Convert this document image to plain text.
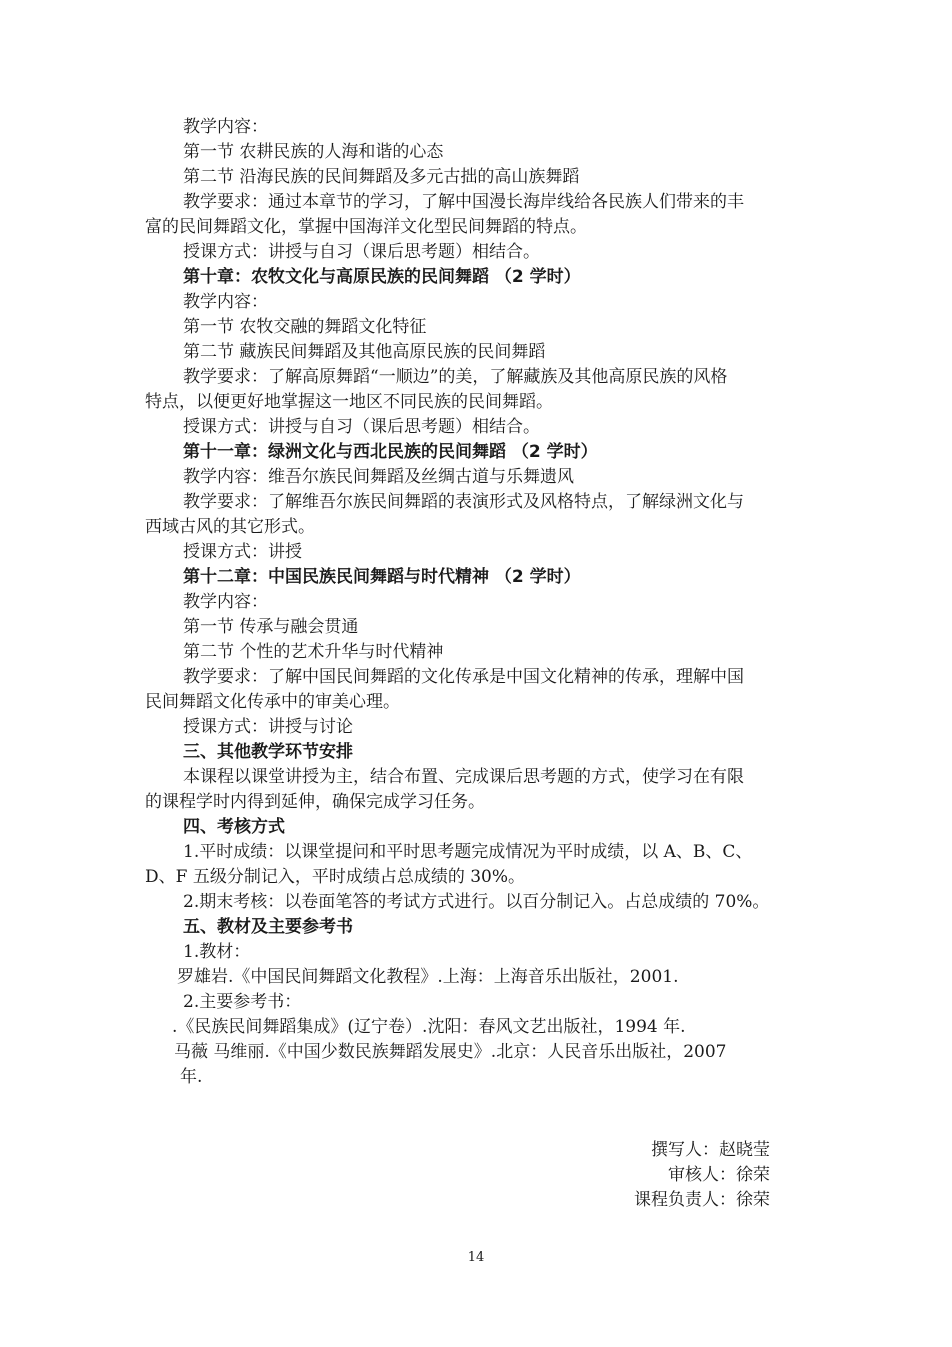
教学内容：
第一节 农耕民族的人海和谐的心态
第二节 沿海民族的民间舞蹈及多元古拙的高山族舞蹈
教学要求：通过本章节的学习，了解中国漫长海岸线给各民族人们带来的丰
富的民间舞蹈文化，掌握中国海洋文化型民间舞蹈的特点。
授课方式：讲授与自习（课后思考题）相结合。
第十章：农牧文化与高原民族的民间舞蹈 （2 学时）
教学内容：
第一节 农牧交融的舞蹈文化特征
第二节 藏族民间舞蹈及其他高原民族的民间舞蹈
教学要求：了解高原舞蹈“一顺边”的美，了解藏族及其他高原民族的风格
特点，以便更好地掌握这一地区不同民族的民间舞蹈。
授课方式：讲授与自习（课后思考题）相结合。
第十一章：绿洲文化与西北民族的民间舞蹈 （2 学时）
教学内容：维吾尔族民间舞蹈及丝绸古道与乐舞遗风
教学要求：了解维吾尔族民间舞蹈的表演形式及风格特点，了解绿洲文化与
西域古风的其它形式。
授课方式：讲授
第十二章：中国民族民间舞蹈与时代精神 （2 学时）
教学内容：
第一节 传承与融会贯通
第二节 个性的艺术升华与时代精神
教学要求：了解中国民间舞蹈的文化传承是中国文化精神的传承，理解中国
民间舞蹈文化传承中的审美心理。
授课方式：讲授与讨论
三、其他教学环节安排
本课程以课堂讲授为主，结合布置、完成课后思考题的方式，使学习在有限
的课程学时内得到延伸，确保完成学习任务。
四、考核方式
1.平时成绩：以课堂提问和平时思考题完成情况为平时成绩，以 A、B、C、
D、F 五级分制记入，平时成绩占总成绩的 30%。
2.期末考核：以卷面笔答的考试方式进行。以百分制记入。占总成绩的 70%。
五、教材及主要参考书
1.教材：
罗雄岩.《中国民间舞蹈文化教程》.上海：上海音乐出版社，2001.
2.主要参考书：
.《民族民间舞蹈集成》(辽宁卷）.沈阳：春风文艺出版社，1994 年.
马薇 马维丽.《中国少数民族舞蹈发展史》.北京：人民音乐出版社，2007
年.
撰写人：赵晓莹
审核人：徐荣
课程负责人：徐荣
14
